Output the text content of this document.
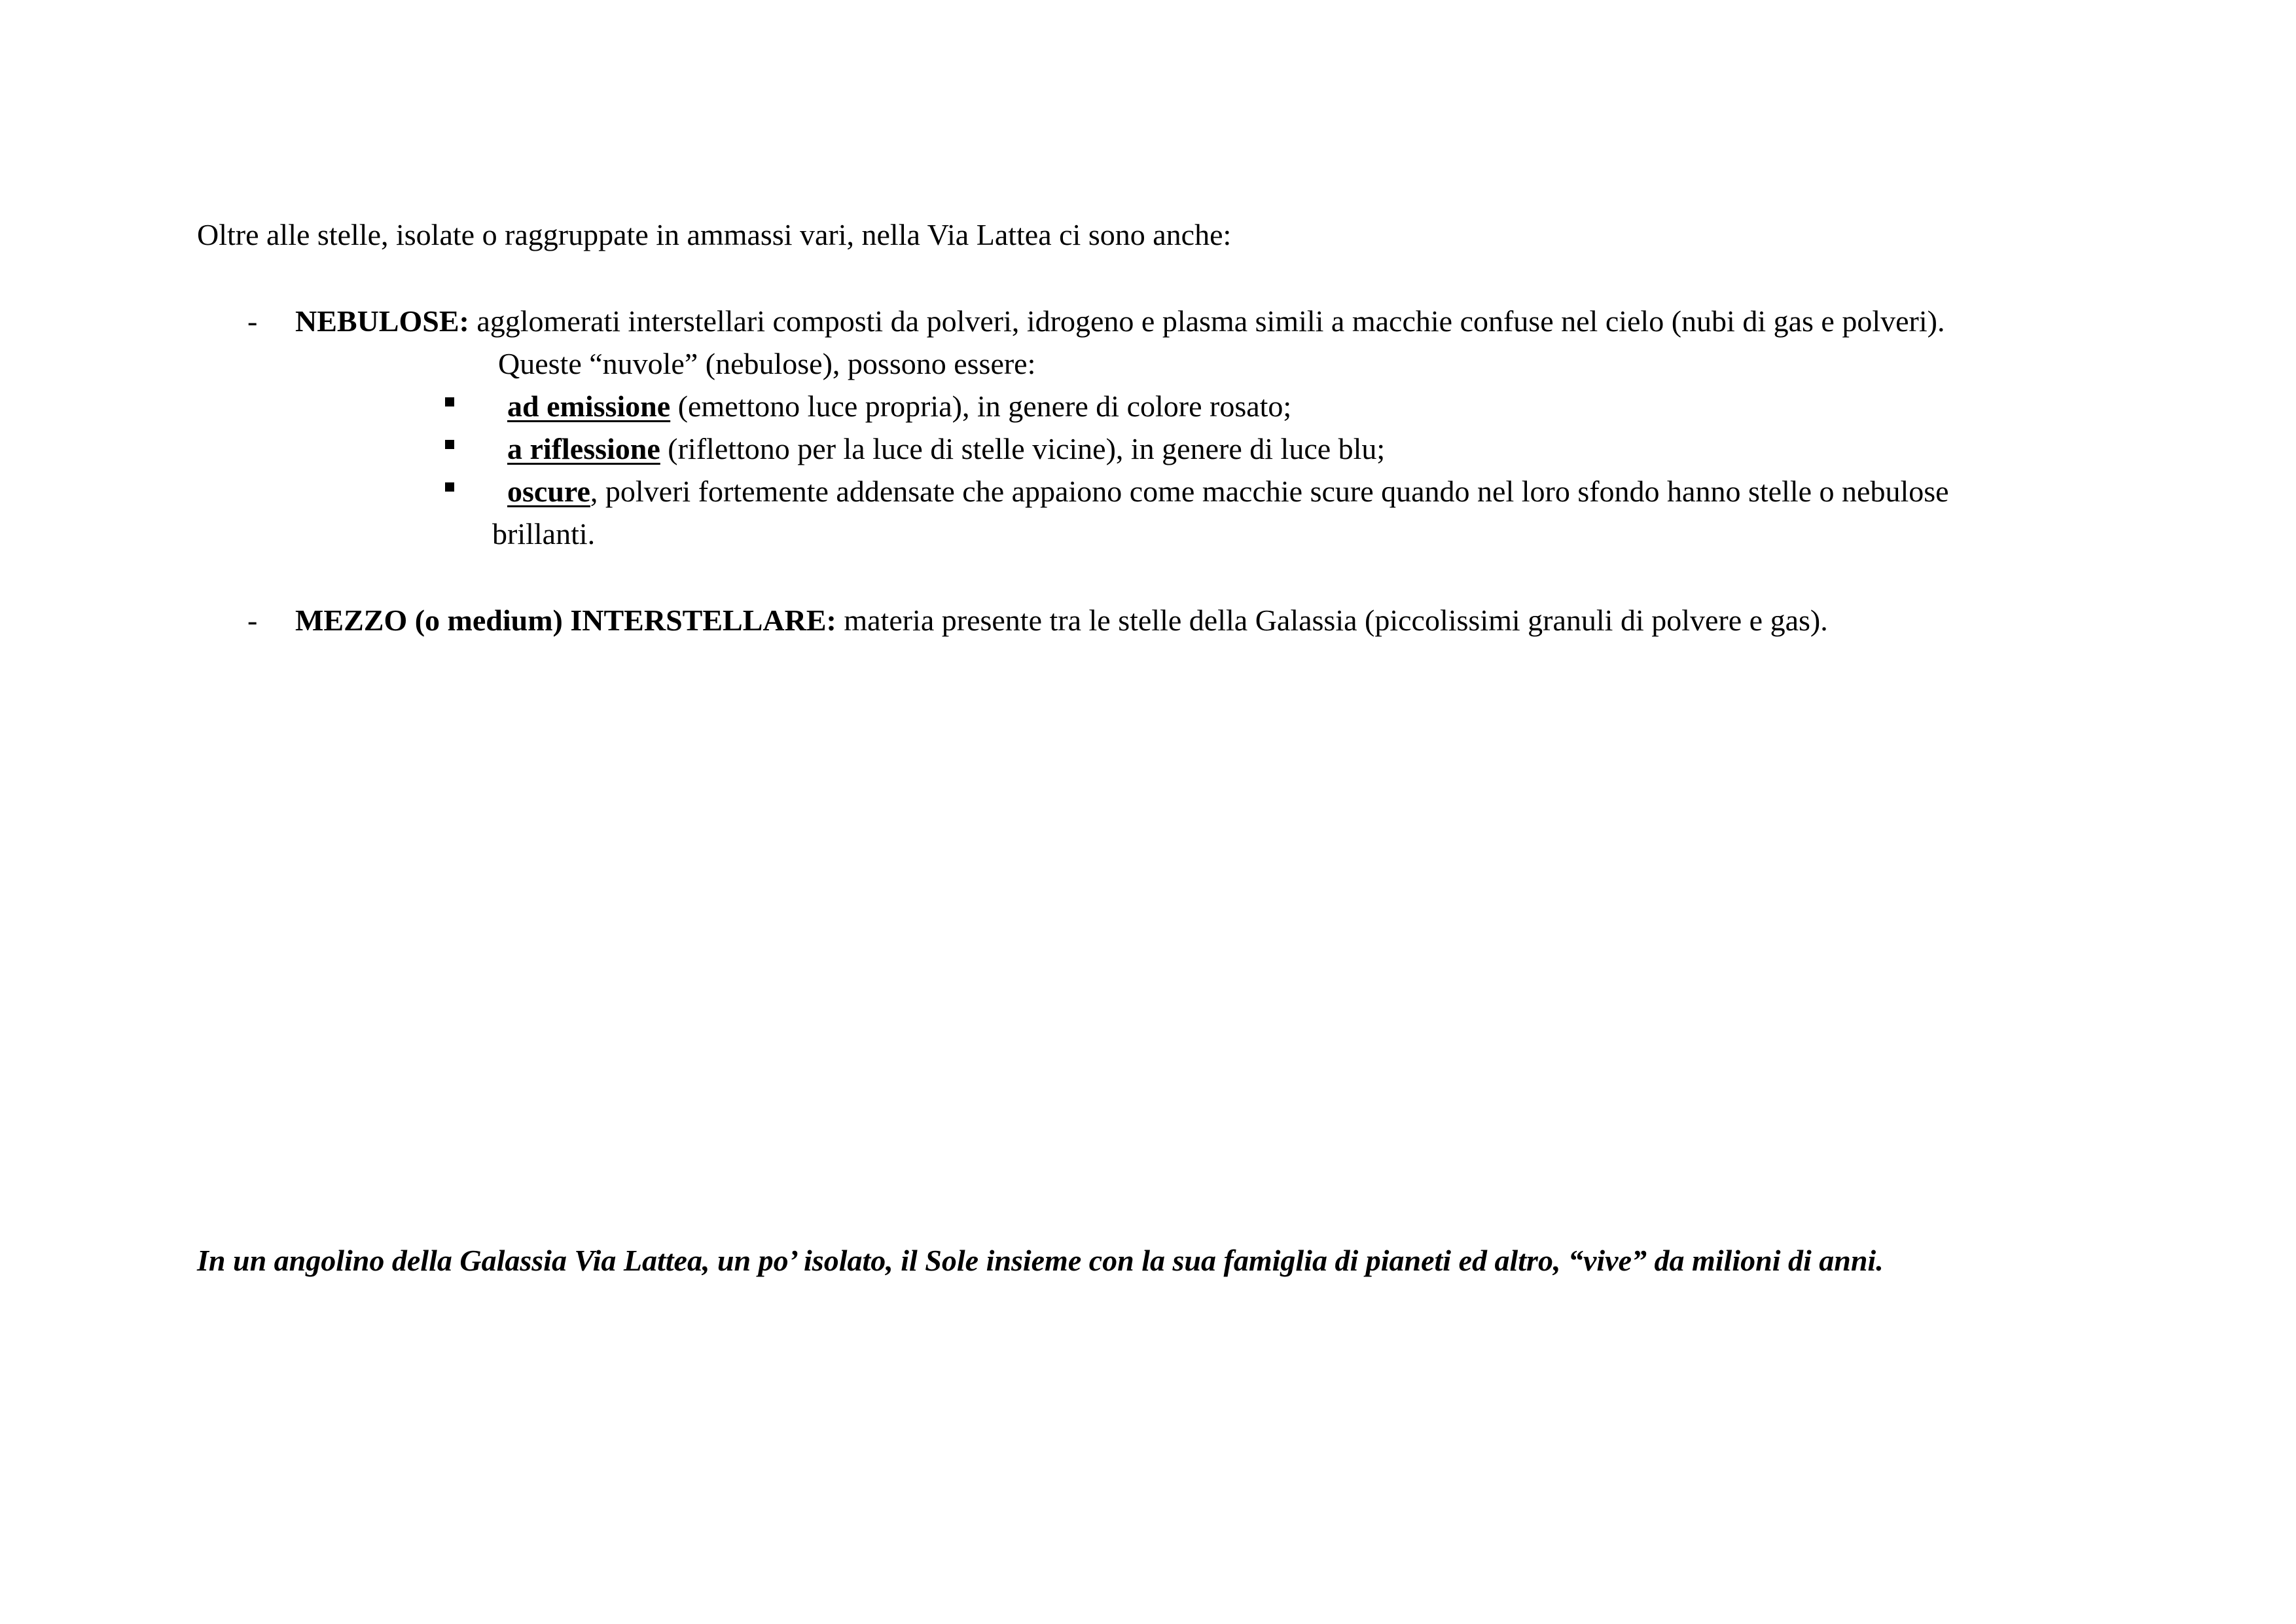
Oltre alle stelle, isolate o raggruppate in ammassi vari, nella Via Lattea ci sono anche:
- NEBULOSE: agglomerati interstellari composti da polveri, idrogeno e plasma simili a macchie confuse nel cielo (nubi di gas e polveri).
Queste “nuvole” (nebulose), possono essere:
ad emissione (emettono luce propria), in genere di colore rosato;
a riflessione (riflettono per la luce di stelle vicine), in genere di luce blu;
oscure, polveri fortemente addensate che appaiono come macchie scure quando nel loro sfondo hanno stelle o nebulose
brillanti.
- MEZZO (o medium) INTERSTELLARE: materia presente tra le stelle della Galassia (piccolissimi granuli di polvere e gas).
In un angolino della Galassia Via Lattea, un po’ isolato, il Sole insieme con la sua famiglia di pianeti ed altro, “vive” da milioni di anni.
